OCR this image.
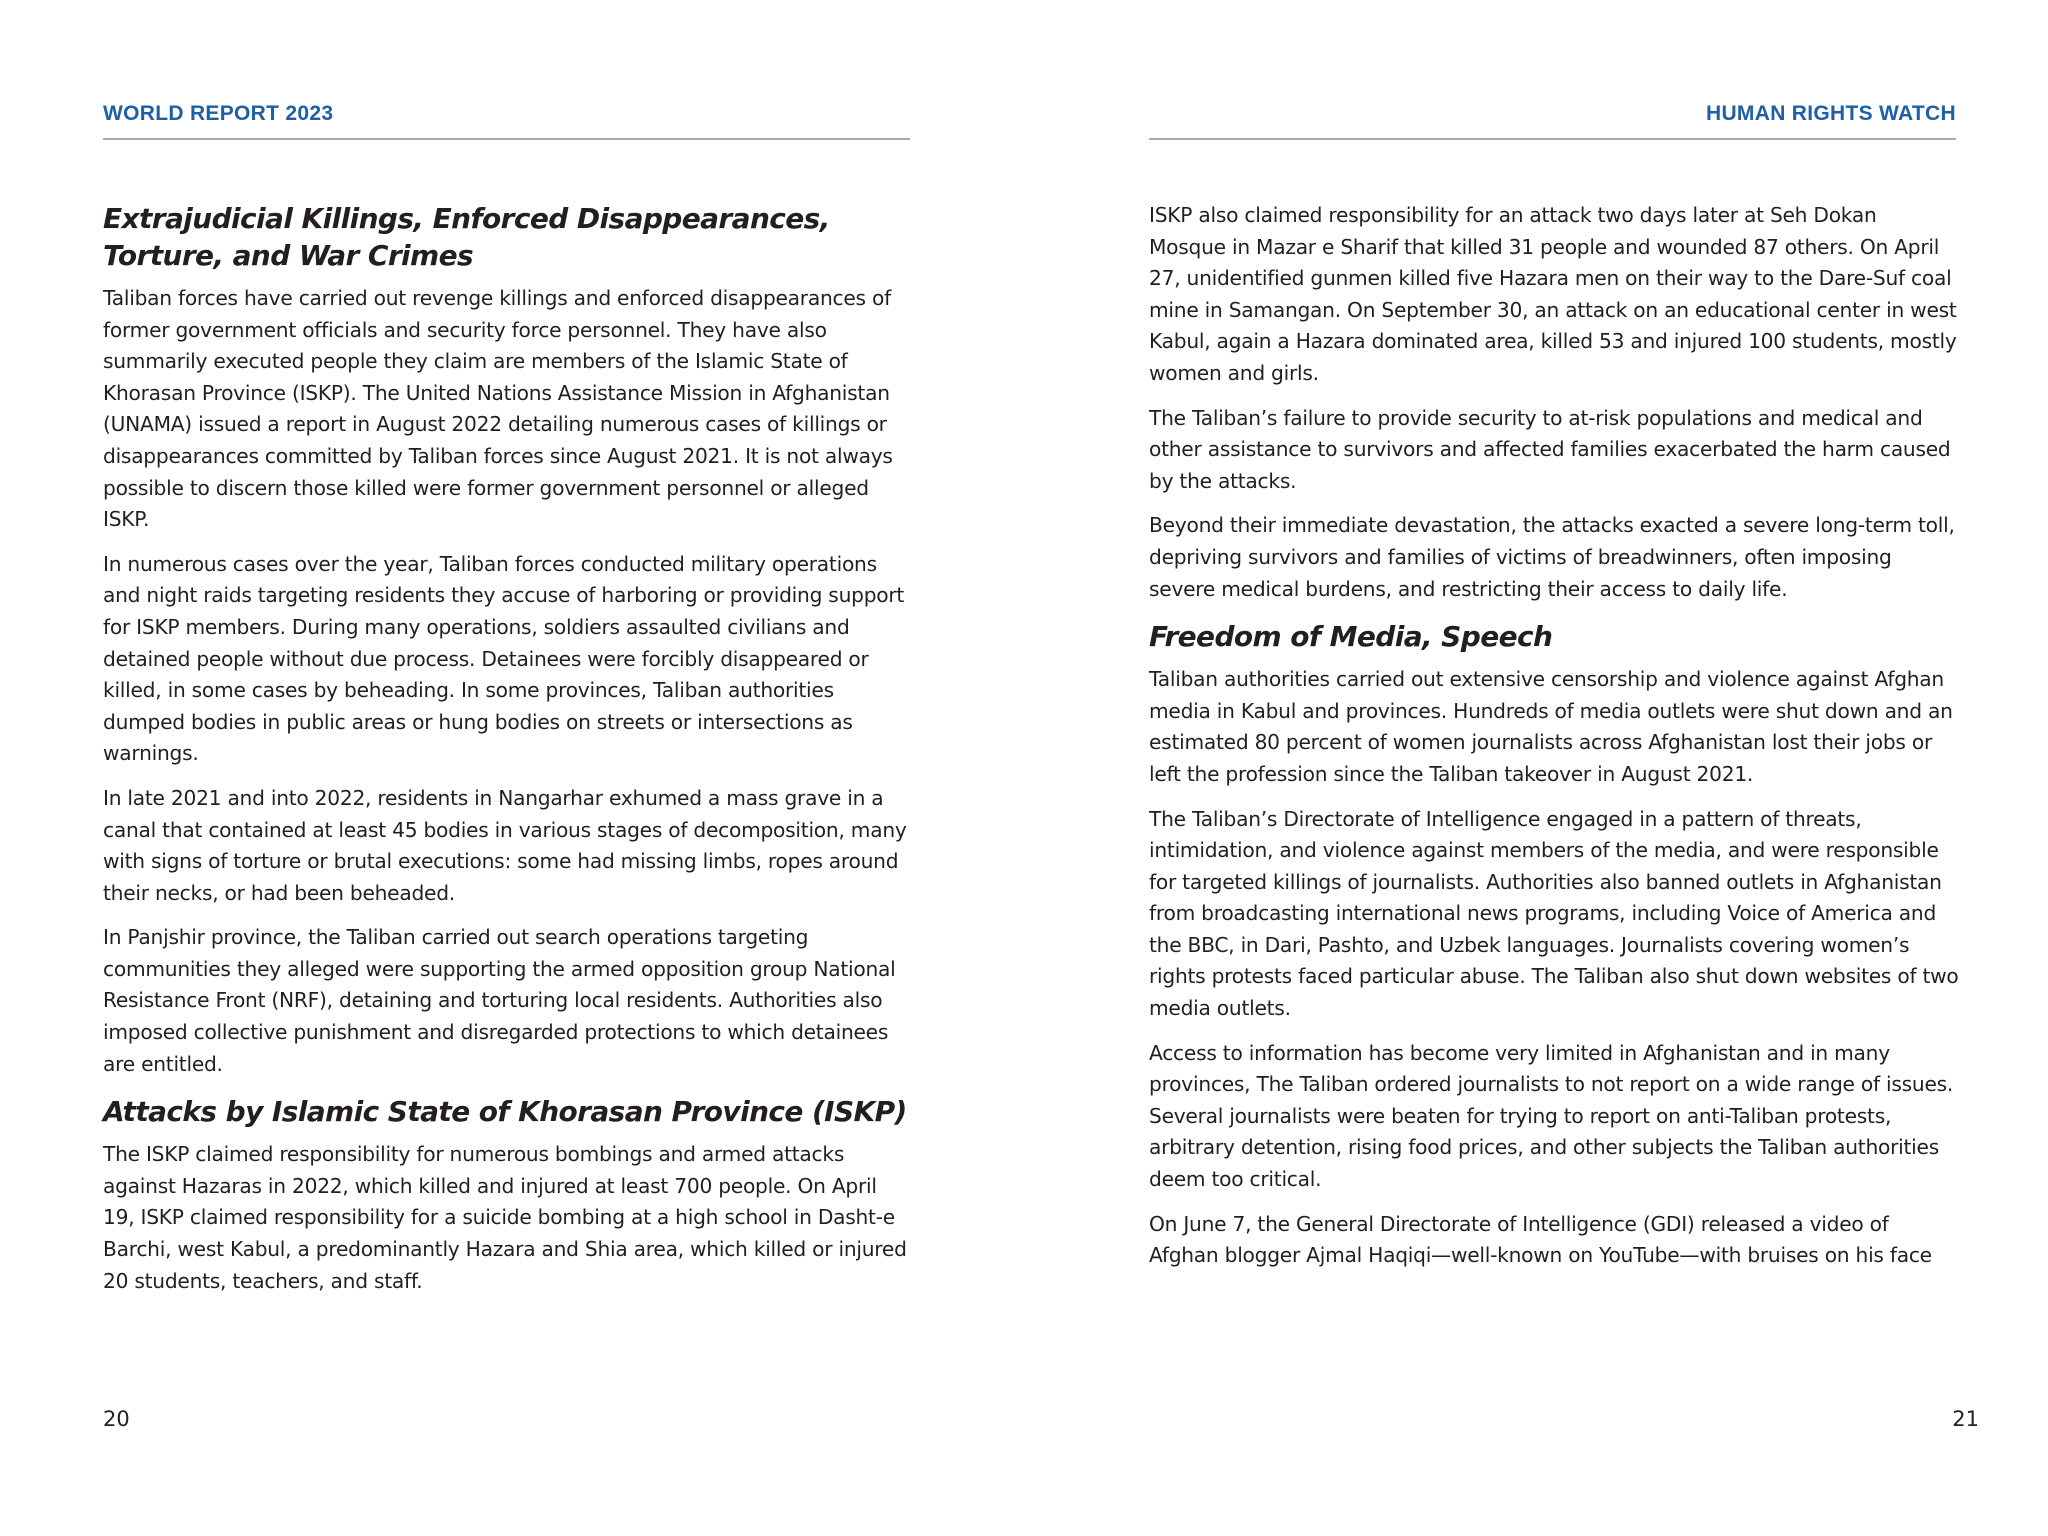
WORLD REPORT 2023
Extrajudicial Killings, Enforced Disappearances, Torture, and War Crimes

Taliban forces have carried out revenge killings and enforced disappearances of former government officials and security force personnel. They have also summarily executed people they claim are members of the Islamic State of Khorasan Province (ISKP). The United Nations Assistance Mission in Afghanistan (UNAMA) issued a report in August 2022 detailing numerous cases of killings or disappearances committed by Taliban forces since August 2021. It is not always possible to discern those killed were former government personnel or alleged ISKP.

In numerous cases over the year, Taliban forces conducted military operations and night raids targeting residents they accuse of harboring or providing support for ISKP members. During many operations, soldiers assaulted civilians and detained people without due process. Detainees were forcibly disappeared or killed, in some cases by beheading. In some provinces, Taliban authorities dumped bodies in public areas or hung bodies on streets or intersections as warnings.

In late 2021 and into 2022, residents in Nangarhar exhumed a mass grave in a canal that contained at least 45 bodies in various stages of decomposition, many with signs of torture or brutal executions: some had missing limbs, ropes around their necks, or had been beheaded.

In Panjshir province, the Taliban carried out search operations targeting communities they alleged were supporting the armed opposition group National Resistance Front (NRF), detaining and torturing local residents. Authorities also imposed collective punishment and disregarded protections to which detainees are entitled.

Attacks by Islamic State of Khorasan Province (ISKP)

The ISKP claimed responsibility for numerous bombings and armed attacks against Hazaras in 2022, which killed and injured at least 700 people. On April 19, ISKP claimed responsibility for a suicide bombing at a high school in Dasht-e Barchi, west Kabul, a predominantly Hazara and Shia area, which killed or injured 20 students, teachers, and staff.

20
HUMAN RIGHTS WATCH

ISKP also claimed responsibility for an attack two days later at Seh Dokan Mosque in Mazar e Sharif that killed 31 people and wounded 87 others. On April 27, unidentified gunmen killed five Hazara men on their way to the Dare-Suf coal mine in Samangan. On September 30, an attack on an educational center in west Kabul, again a Hazara dominated area, killed 53 and injured 100 students, mostly women and girls.

The Taliban’s failure to provide security to at-risk populations and medical and other assistance to survivors and affected families exacerbated the harm caused by the attacks.

Beyond their immediate devastation, the attacks exacted a severe long-term toll, depriving survivors and families of victims of breadwinners, often imposing severe medical burdens, and restricting their access to daily life.

Freedom of Media, Speech

Taliban authorities carried out extensive censorship and violence against Afghan media in Kabul and provinces. Hundreds of media outlets were shut down and an estimated 80 percent of women journalists across Afghanistan lost their jobs or left the profession since the Taliban takeover in August 2021.

The Taliban’s Directorate of Intelligence engaged in a pattern of threats, intimidation, and violence against members of the media, and were responsible for targeted killings of journalists. Authorities also banned outlets in Afghanistan from broadcasting international news programs, including Voice of America and the BBC, in Dari, Pashto, and Uzbek languages. Journalists covering women’s rights protests faced particular abuse. The Taliban also shut down websites of two media outlets.

Access to information has become very limited in Afghanistan and in many provinces, The Taliban ordered journalists to not report on a wide range of issues. Several journalists were beaten for trying to report on anti-Taliban protests, arbitrary detention, rising food prices, and other subjects the Taliban authorities deem too critical.

On June 7, the General Directorate of Intelligence (GDI) released a video of Afghan blogger Ajmal Haqiqi—well-known on YouTube—with bruises on his face

21
